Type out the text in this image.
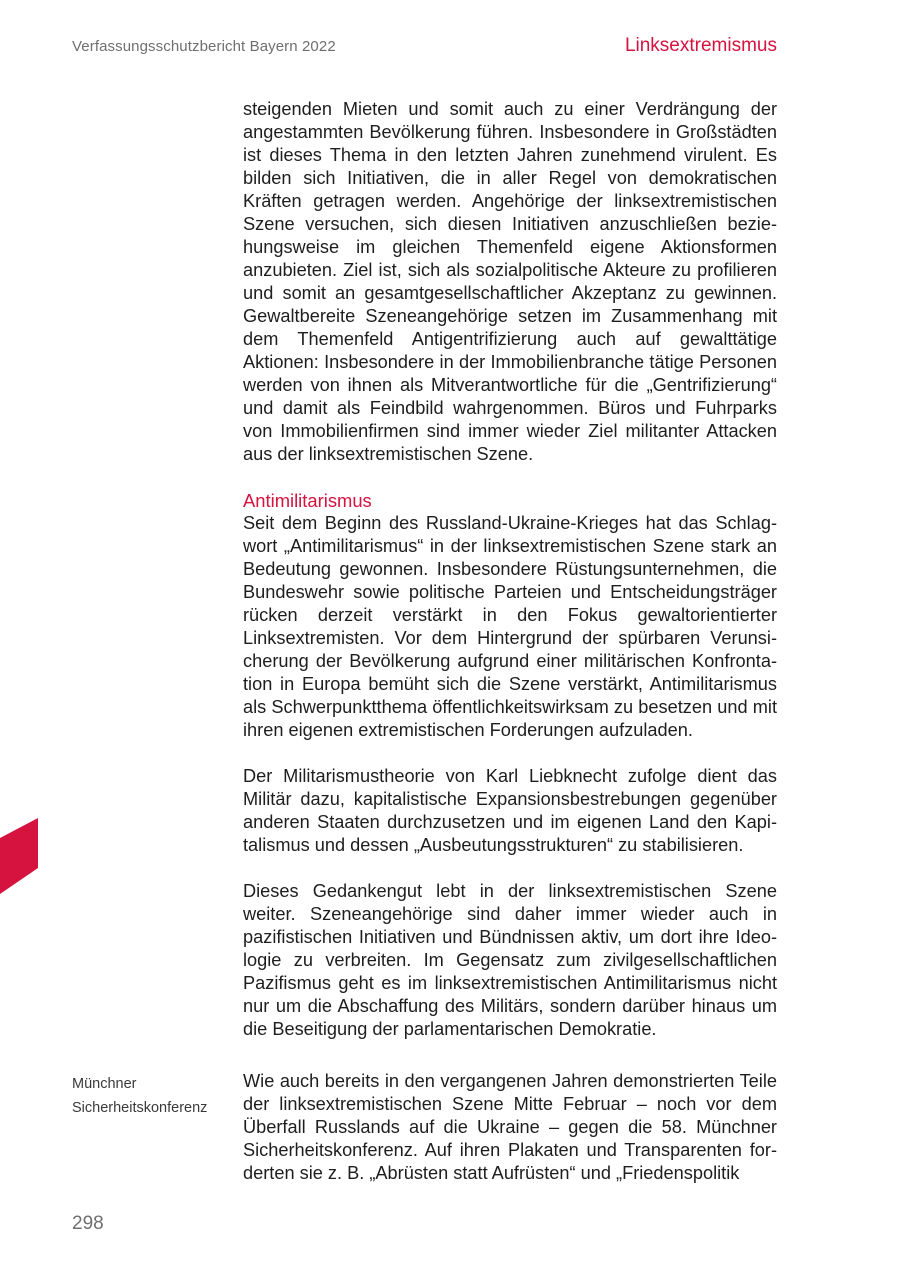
Verfassungsschutzbericht Bayern 2022	Linksextremismus

steigenden Mieten und somit auch zu einer Verdrängung der angestammten Bevölkerung führen. Insbesondere in Großstädten ist dieses Thema in den letzten Jahren zunehmend virulent. Es bilden sich Initiativen, die in aller Regel von demokratischen Kräften getragen werden. Angehörige der linksextremistischen Szene versuchen, sich diesen Initiativen anzuschließen beziehungsweise im gleichen Themenfeld eigene Aktionsformen anzubieten. Ziel ist, sich als sozialpolitische Akteure zu profilieren und somit an gesamtgesellschaftlicher Akzeptanz zu gewinnen. Gewaltbereite Szeneangehörige setzen im Zusammenhang mit dem Themenfeld Antigentrifizierung auch auf gewalttätige Aktionen: Insbesondere in der Immobilienbranche tätige Personen werden von ihnen als Mitverantwortliche für die „Gentrifizierung“ und damit als Feindbild wahrgenommen. Büros und Fuhrparks von Immobilienfirmen sind immer wieder Ziel militanter Attacken aus der linksextremistischen Szene.

Antimilitarismus

Seit dem Beginn des Russland-Ukraine-Krieges hat das Schlagwort „Antimilitarismus“ in der linksextremistischen Szene stark an Bedeutung gewonnen. Insbesondere Rüstungsunternehmen, die Bundeswehr sowie politische Parteien und Entscheidungsträger rücken derzeit verstärkt in den Fokus gewaltorientierter Linksextremisten. Vor dem Hintergrund der spürbaren Verunsicherung der Bevölkerung aufgrund einer militärischen Konfrontation in Europa bemüht sich die Szene verstärkt, Antimilitarismus als Schwerpunktthema öffentlichkeitswirksam zu besetzen und mit ihren eigenen extremistischen Forderungen aufzuladen.

Der Militarismustheorie von Karl Liebknecht zufolge dient das Militär dazu, kapitalistische Expansionsbestrebungen gegenüber anderen Staaten durchzusetzen und im eigenen Land den Kapitalismus und dessen „Ausbeutungsstrukturen“ zu stabilisieren.

Dieses Gedankengut lebt in der linksextremistischen Szene weiter. Szeneangehörige sind daher immer wieder auch in pazifistischen Initiativen und Bündnissen aktiv, um dort ihre Ideologie zu verbreiten. Im Gegensatz zum zivilgesellschaftlichen Pazifismus geht es im linksextremistischen Antimilitarismus nicht nur um die Abschaffung des Militärs, sondern darüber hinaus um die Beseitigung der parlamentarischen Demokratie.

Münchner
Sicherheitskonferenz

Wie auch bereits in den vergangenen Jahren demonstrierten Teile der linksextremistischen Szene Mitte Februar – noch vor dem Überfall Russlands auf die Ukraine – gegen die 58. Münchner Sicherheitskonferenz. Auf ihren Plakaten und Transparenten forderten sie z. B. „Abrüsten statt Aufrüsten“ und „Friedenspolitik

298
